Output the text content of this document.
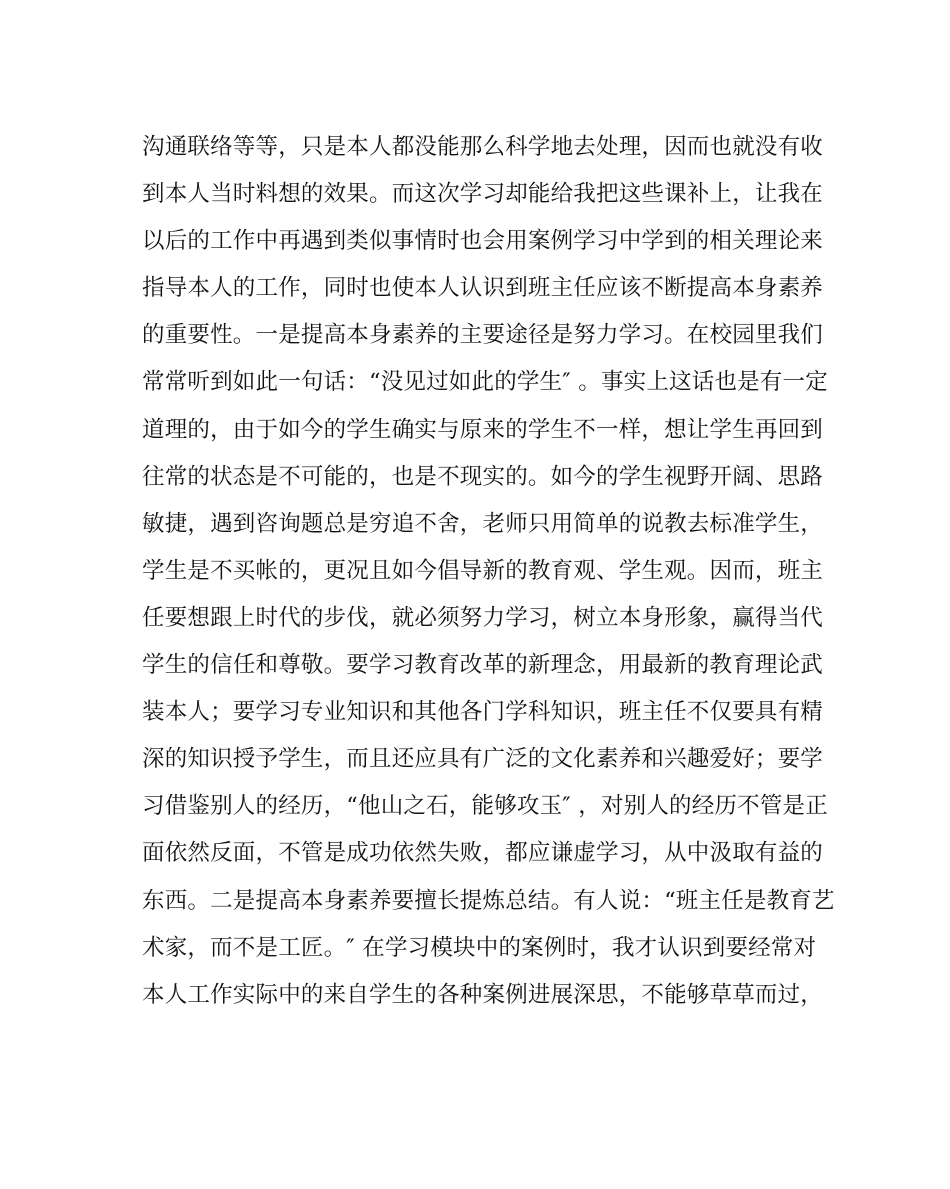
沟通联络等等，只是本人都没能那么科学地去处理，因而也就没有收
到本人当时料想的效果。而这次学习却能给我把这些课补上，让我在
以后的工作中再遇到类似事情时也会用案例学习中学到的相关理论来
指导本人的工作，同时也使本人认识到班主任应该不断提高本身素养
的重要性。一是提高本身素养的主要途径是努力学习。在校园里我们
常常听到如此一句话：“没见过如此的学生″ 。事实上这话也是有一定
道理的，由于如今的学生确实与原来的学生不一样，想让学生再回到
往常的状态是不可能的，也是不现实的。如今的学生视野开阔、思路
敏捷，遇到咨询题总是穷追不舍，老师只用简单的说教去标准学生，
学生是不买帐的，更况且如今倡导新的教育观、学生观。因而，班主
任要想跟上时代的步伐，就必须努力学习，树立本身形象，赢得当代
学生的信任和尊敬。要学习教育改革的新理念，用最新的教育理论武
装本人；要学习专业知识和其他各门学科知识，班主任不仅要具有精
深的知识授予学生，而且还应具有广泛的文化素养和兴趣爱好；要学
习借鉴别人的经历，“他山之石，能够攻玉″ ，对别人的经历不管是正
面依然反面，不管是成功依然失败，都应谦虚学习，从中汲取有益的
东西。二是提高本身素养要擅长提炼总结。有人说：“班主任是教育艺
术家，而不是工匠。″ 在学习模块中的案例时，我才认识到要经常对
本人工作实际中的来自学生的各种案例进展深思，不能够草草而过，
